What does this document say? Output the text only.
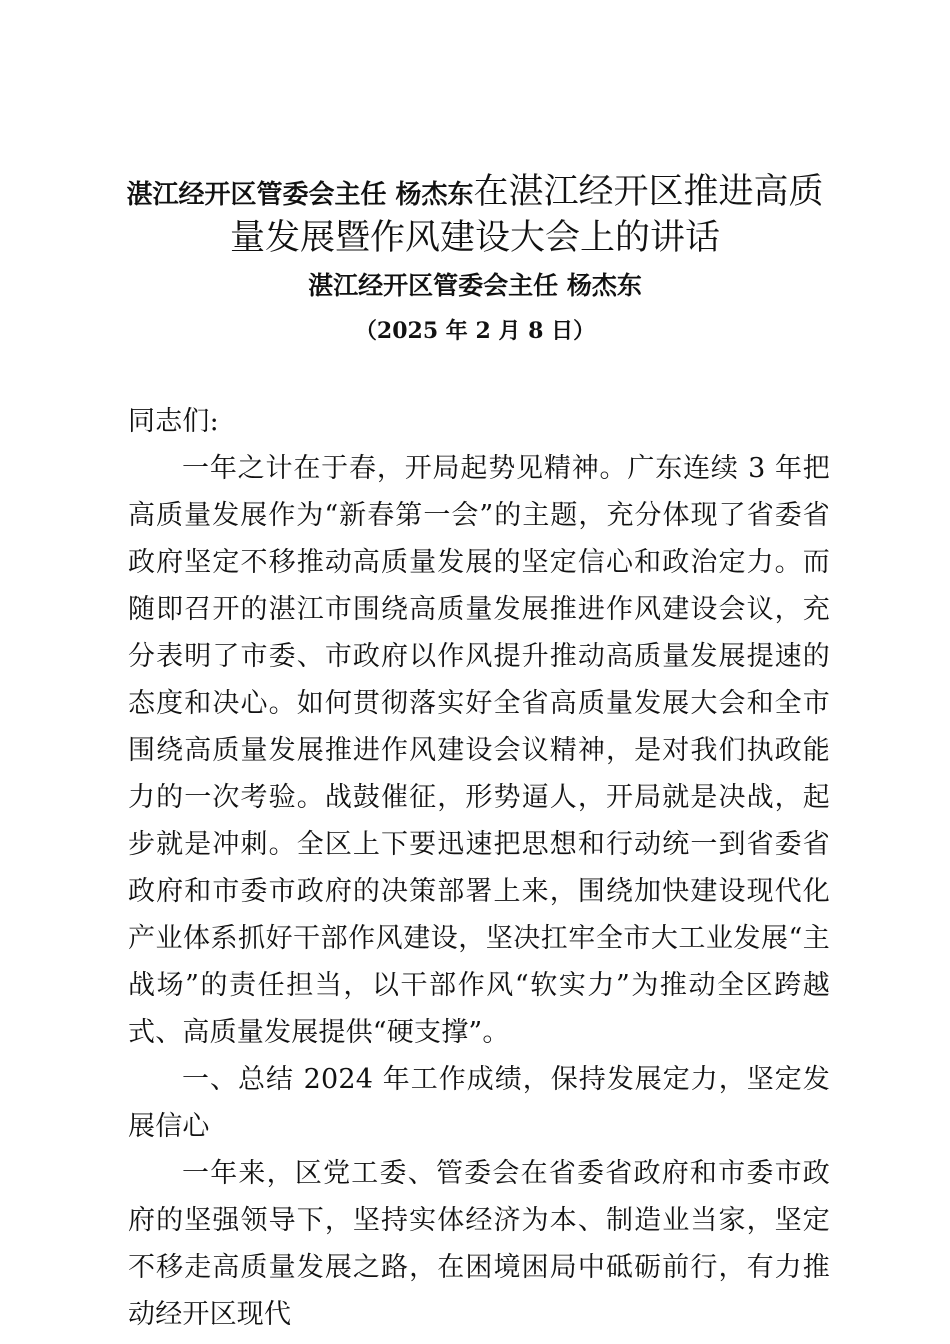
湛江经开区管委会主任 杨杰东在湛江经开区推进高质
量发展暨作风建设大会上的讲话
湛江经开区管委会主任 杨杰东
（2025 年 2 月 8 日）

同志们:

一年之计在于春，开局起势见精神。广东连续 3 年把高质量发展作为“新春第一会”的主题，充分体现了省委省政府坚定不移推动高质量发展的坚定信心和政治定力。而随即召开的湛江市围绕高质量发展推进作风建设会议，充分表明了市委、市政府以作风提升推动高质量发展提速的态度和决心。如何贯彻落实好全省高质量发展大会和全市围绕高质量发展推进作风建设会议精神，是对我们执政能力的一次考验。战鼓催征，形势逼人，开局就是决战，起步就是冲刺。全区上下要迅速把思想和行动统一到省委省政府和市委市政府的决策部署上来，围绕加快建设现代化产业体系抓好干部作风建设，坚决扛牢全市大工业发展“主战场”的责任担当，以干部作风“软实力”为推动全区跨越式、高质量发展提供“硬支撑”。

一、总结 2024 年工作成绩，保持发展定力，坚定发展信心

一年来，区党工委、管委会在省委省政府和市委市政府的坚强领导下，坚持实体经济为本、制造业当家，坚定不移走高质量发展之路，在困境困局中砥砺前行，有力推动经开区现代
